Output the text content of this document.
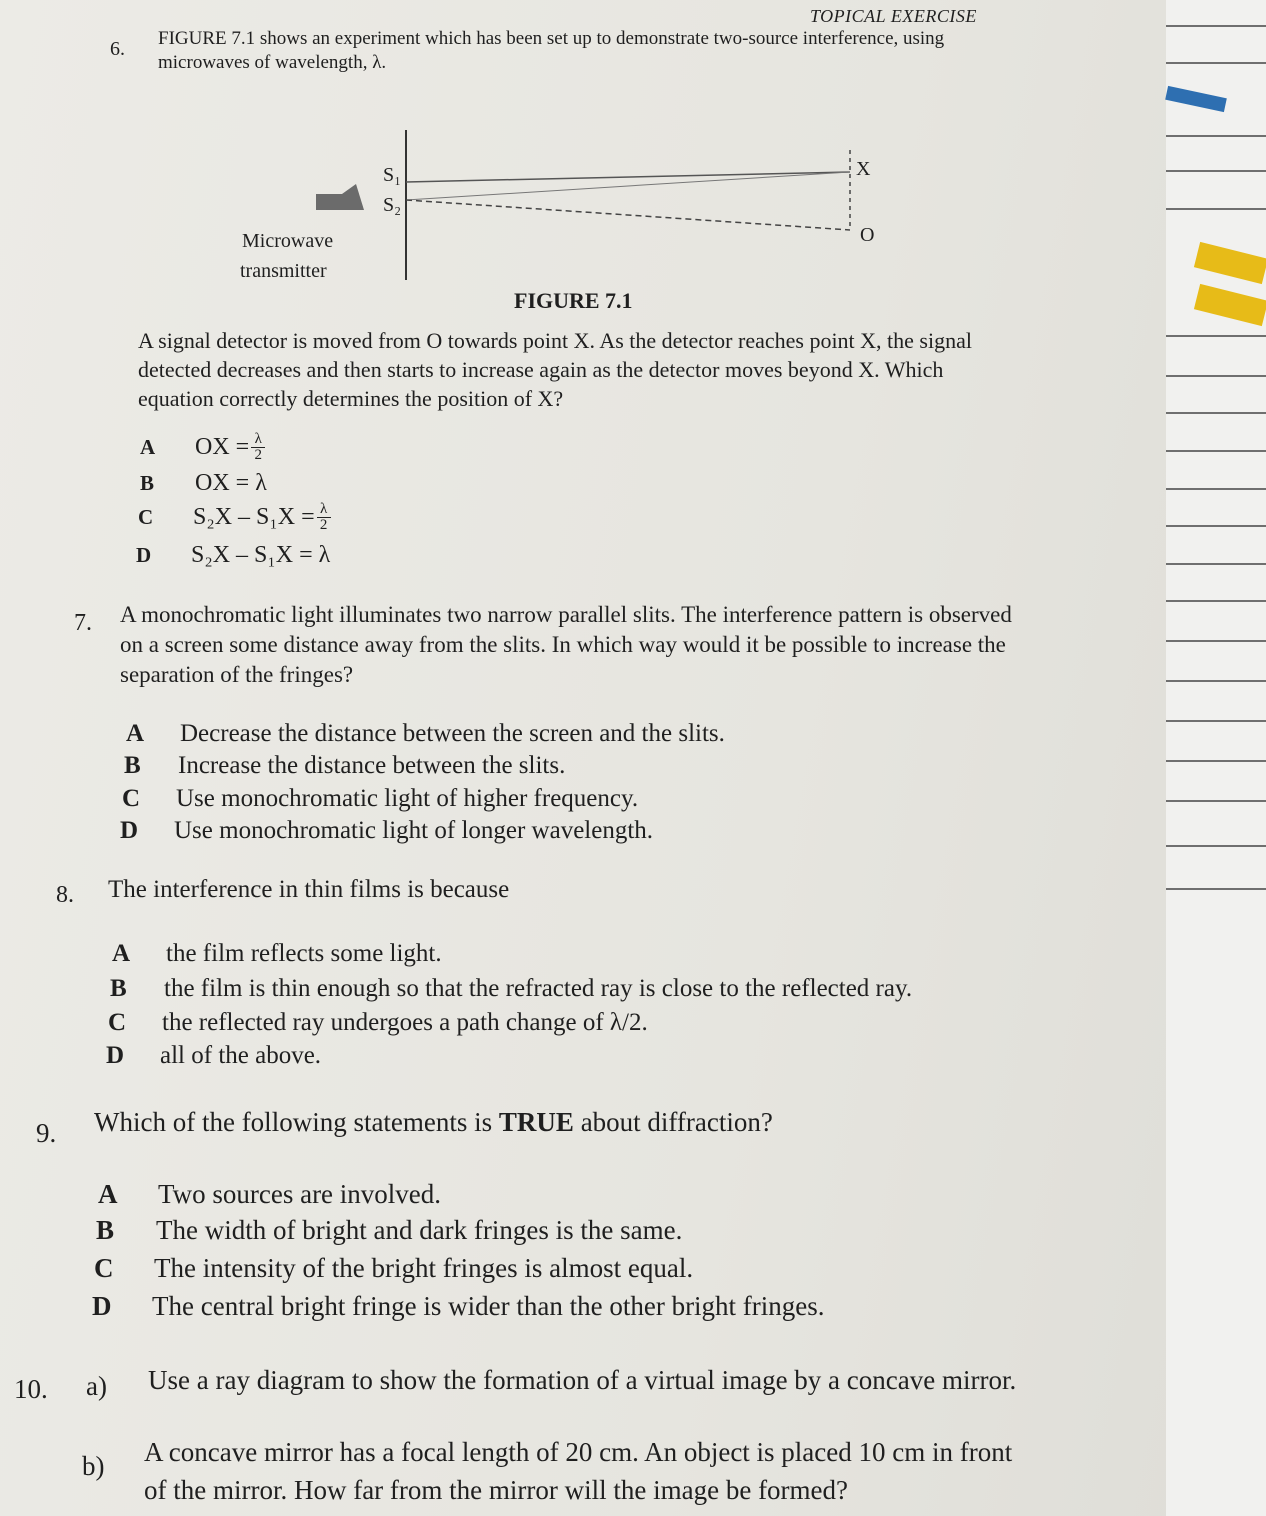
TOPICAL EXERCISE
6. FIGURE 7.1 shows an experiment which has been set up to demonstrate two-source interference, using microwaves of wavelength, λ.
S₁
S₂
X
O
Microwave
transmitter
FIGURE 7.1
A signal detector is moved from O towards point X. As the detector reaches point X, the signal detected decreases and then starts to increase again as the detector moves beyond X. Which equation correctly determines the position of X?
A	OX = $\frac{\lambda}{2}$
B	OX = λ
C	$S_2X - S_1X = \frac{\lambda}{2}$
D	S₂X – S₁X = λ
7. A monochromatic light illuminates two narrow parallel slits. The interference pattern is observed on a screen some distance away from the slits. In which way would it be possible to increase the separation of the fringes?
A Decrease the distance between the screen and the slits.
B Increase the distance between the slits.
C Use monochromatic light of higher frequency.
D Use monochromatic light of longer wavelength.
8. The interference in thin films is because
A the film reflects some light.
B the film is thin enough so that the refracted ray is close to the reflected ray.
C the reflected ray undergoes a path change of λ/2.
D all of the above.
9. Which of the following statements is TRUE about diffraction?
A Two sources are involved.
B The width of bright and dark fringes is the same.
C The intensity of the bright fringes is almost equal.
D The central bright fringe is wider than the other bright fringes.
10. a) Use a ray diagram to show the formation of a virtual image by a concave mirror.
b) A concave mirror has a focal length of 20 cm. An object is placed 10 cm in front
of the mirror. How far from the mirror will the image be formed?
